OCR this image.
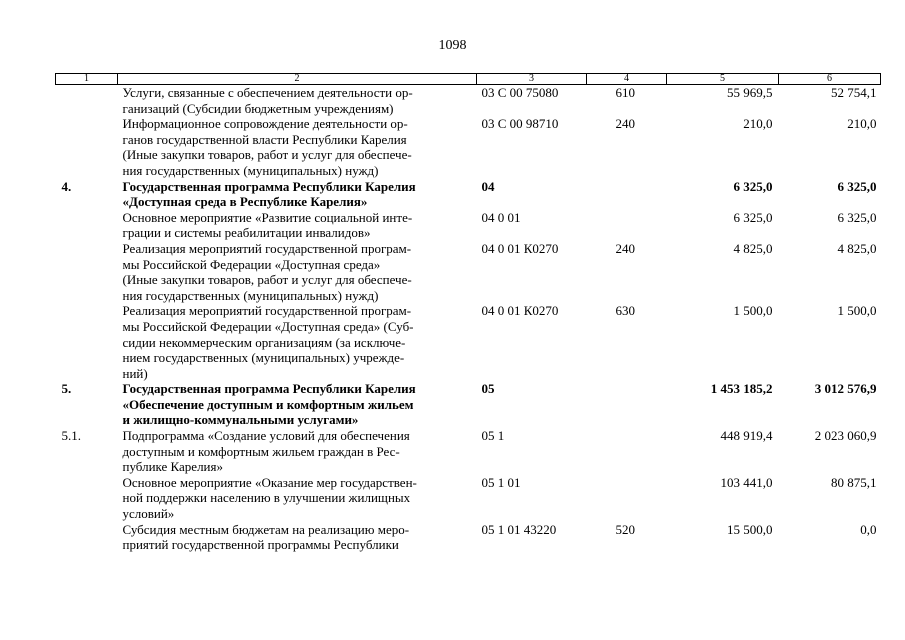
1098
1	2	3	4	5	6

	Услуги, связанные с обеспечением деятельности ор-
ганизаций (Субсидии бюджетным учреждениям)	03 С 00 75080	610	55 969,5	52 754,1

	Информационное сопровождение деятельности ор-
ганов государственной власти Республики Карелия
(Иные закупки товаров, работ и услуг для обеспече-
ния государственных (муниципальных) нужд)	03 С 00 98710	240	210,0	210,0
4.	Государственная программа Республики Карелия
«Доступная среда в Республике Карелия»	04		6 325,0	6 325,0

	Основное мероприятие «Развитие социальной инте-
грации и системы реабилитации инвалидов»	04 0 01		6 325,0	6 325,0

	Реализация мероприятий государственной програм-
мы Российской Федерации «Доступная среда»
(Иные закупки товаров, работ и услуг для обеспече-
ния государственных (муниципальных) нужд)	04 0 01 К0270	240	4 825,0	4 825,0

	Реализация мероприятий государственной програм-
мы Российской Федерации «Доступная среда» (Суб-
сидии некоммерческим организациям (за исключе-
нием государственных (муниципальных) учрежде-
ний)	04 0 01 К0270	630	1 500,0	1 500,0
5.	Государственная программа Республики Карелия
«Обеспечение доступным и комфортным жильем
и жилищно-коммунальными услугами»	05		1 453 185,2	3 012 576,9
5.1.	Подпрограмма «Создание условий для обеспечения
доступным и комфортным жильем граждан в Рес-
публике Карелия»	05 1		448 919,4	2 023 060,9

	Основное мероприятие «Оказание мер государствен-
ной поддержки населению в улучшении жилищных
условий»	05 1 01		103 441,0	80 875,1

	Субсидия местным бюджетам на реализацию меро-
приятий государственной программы Республики	05 1 01 43220	520	15 500,0	0,0
